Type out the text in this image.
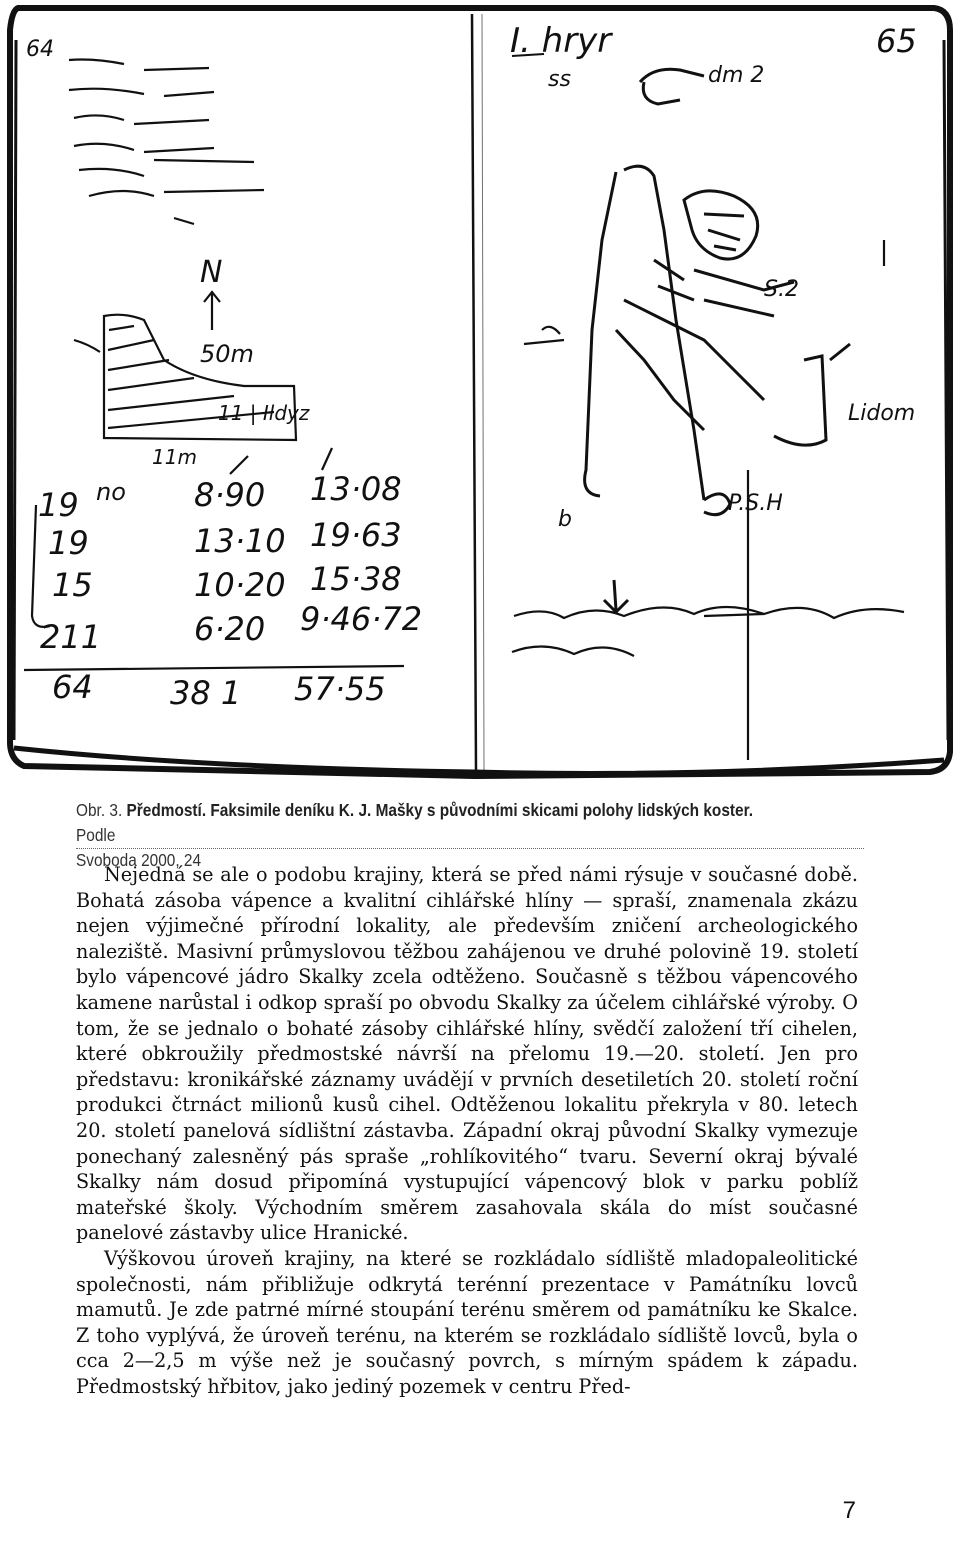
64
N
50m
11 | Ildyz
11m
19
19
15
211
64
8·90
13·10
10·20
6·20
38 1
13·08
19·63
15·38
9·46·72
57·55
no
65
I. hryr
dm 2
S.2
P.S.H
Lidom
b
ss
Obr. 3. Předmostí. Faksimile deníku K. J. Mašky s původními skicami polohy lidských koster. Podle
Svoboda 2000, 24

Nejedná se ale o podobu krajiny, která se před námi rýsuje v současné době. Bohatá zásoba vápence a kvalitní cihlářské hlíny — spraší, znamenala zkázu nejen výjimečné přírodní lokality, ale především zničení archeologického naleziště. Masivní průmyslovou těžbou zahájenou ve druhé polovině 19. století bylo vápencové jádro Skalky zcela odtěženo. Současně s těžbou vápencového kamene narůstal i odkop spraší po obvodu Skalky za účelem cihlářské výroby. O tom, že se jednalo o bohaté zásoby cihlářské hlíny, svědčí založení tří cihelen, které obkroužily předmostské návrší na přelomu 19.—20. století. Jen pro představu: kronikářské záznamy uvádějí v prvních desetiletích 20. století roční produkci čtrnáct milionů kusů cihel. Odtěženou lokalitu překryla v 80. letech 20. století panelová sídlištní zástavba. Západní okraj původní Skalky vymezuje ponechaný zalesněný pás spraše „rohlíkovitého“ tvaru. Severní okraj bývalé Skalky nám dosud připomíná vystupující vápencový blok v parku poblíž mateřské školy. Východním směrem zasahovala skála do míst současné panelové zástavby ulice Hranické.

Výškovou úroveň krajiny, na které se rozkládalo sídliště mladopaleolitické společnosti, nám přibližuje odkrytá terénní prezentace v Památníku lovců mamutů. Je zde patrné mírné stoupání terénu směrem od památníku ke Skalce. Z toho vyplývá, že úroveň terénu, na kterém se rozkládalo sídliště lovců, byla o cca 2—2,5 m výše než je současný povrch, s mírným spádem k západu. Předmostský hřbitov, jako jediný pozemek v centru Před-

7
